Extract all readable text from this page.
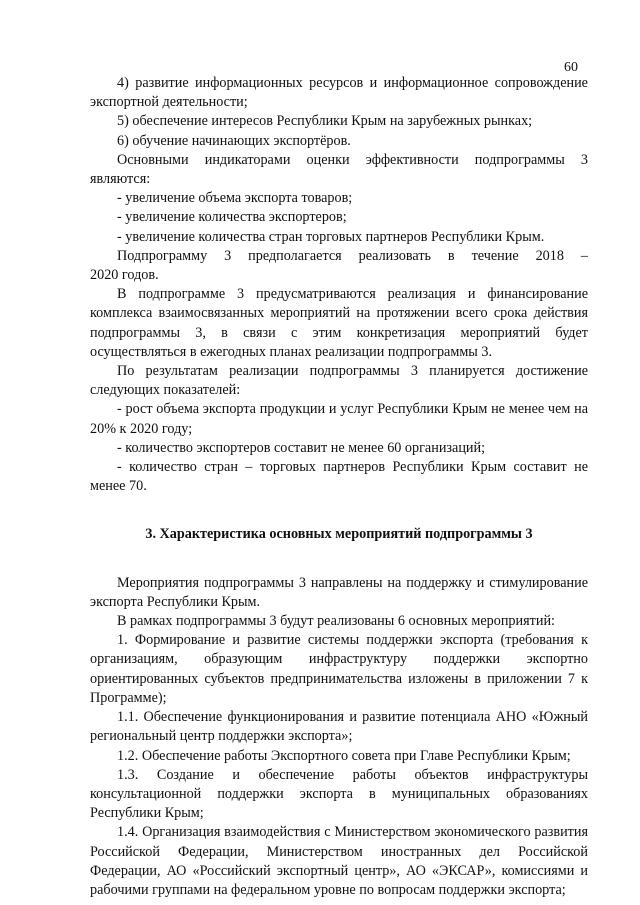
60

4) развитие информационных ресурсов и информационное сопровождение экспортной деятельности;

5) обеспечение интересов Республики Крым на зарубежных рынках;

6) обучение начинающих экспортёров.

Основными индикаторами оценки эффективности подпрограммы 3 являются:

- увеличение объема экспорта товаров;

- увеличение количества экспортеров;

- увеличение количества стран торговых партнеров Республики Крым.

Подпрограмму 3 предполагается реализовать в течение 2018 –

2020 годов.

В подпрограмме 3 предусматриваются реализация и финансирование комплекса взаимосвязанных мероприятий на протяжении всего срока действия подпрограммы 3, в связи с этим конкретизация мероприятий будет осуществляться в ежегодных планах реализации подпрограммы 3.

По результатам реализации подпрограммы 3 планируется достижение следующих показателей:

- рост объема экспорта продукции и услуг Республики Крым не менее чем на 20% к 2020 году;

- количество экспортеров составит не менее 60 организаций;

- количество стран – торговых партнеров Республики Крым составит не менее 70.

3. Характеристика основных мероприятий подпрограммы 3

Мероприятия подпрограммы 3 направлены на поддержку и стимулирование экспорта Республики Крым.

В рамках подпрограммы 3 будут реализованы 6 основных мероприятий:

1. Формирование и развитие системы поддержки экспорта (требования к организациям, образующим инфраструктуру поддержки экспортно ориентированных субъектов предпринимательства изложены в приложении 7 к Программе);

1.1. Обеспечение функционирования и развитие потенциала АНО «Южный региональный центр поддержки экспорта»;

1.2. Обеспечение работы Экспортного совета при Главе Республики Крым;

1.3. Создание и обеспечение работы объектов инфраструктуры консультационной поддержки экспорта в муниципальных образованиях Республики Крым;

1.4. Организация взаимодействия с Министерством экономического развития Российской Федерации, Министерством иностранных дел Российской Федерации, АО «Российский экспортный центр», АО «ЭКСАР», комиссиями и рабочими группами на федеральном уровне по вопросам поддержки экспорта;
